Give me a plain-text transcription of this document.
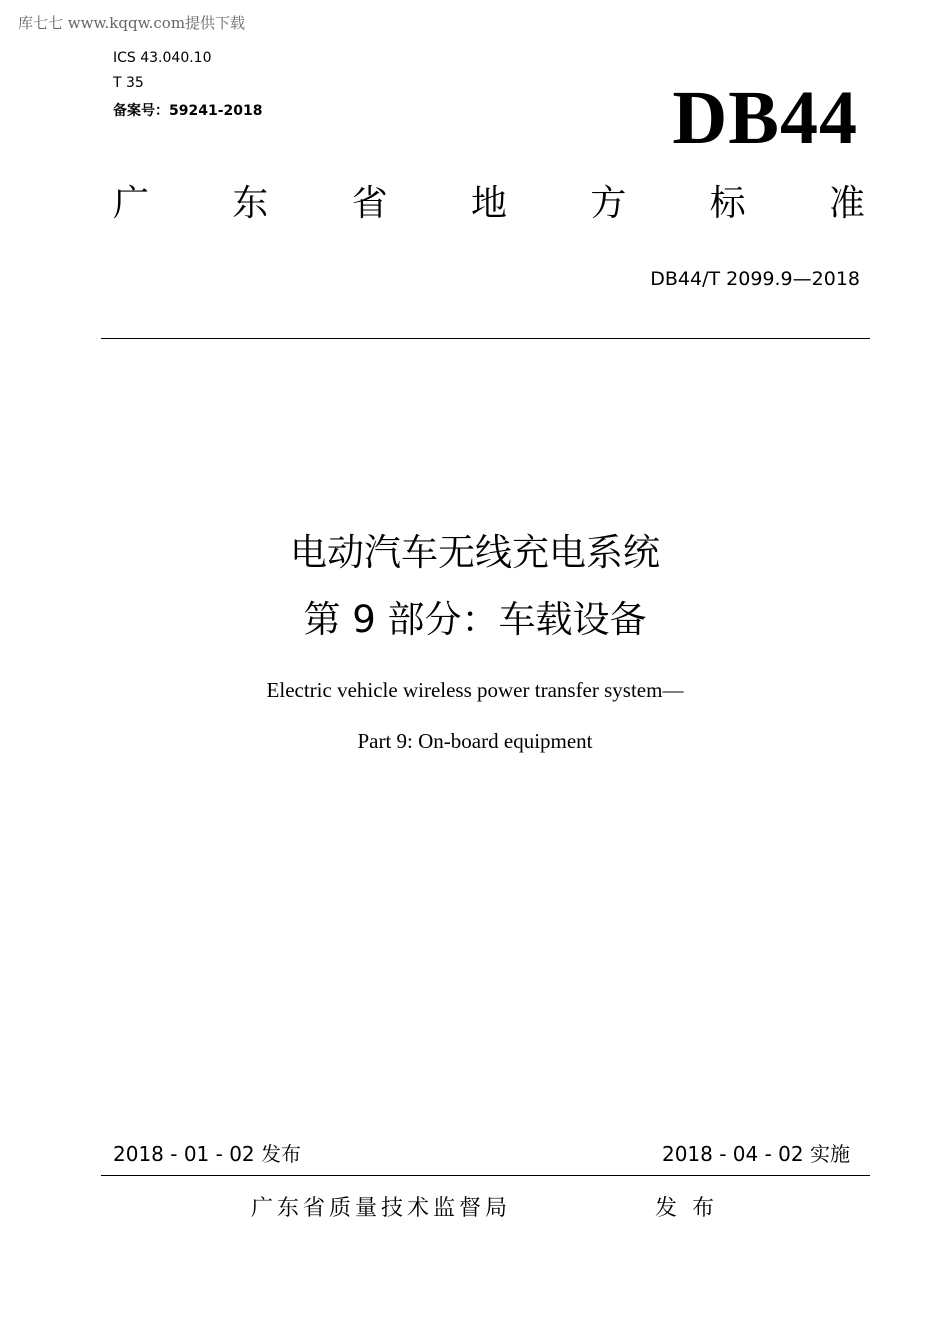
库七七 www.kqqw.com提供下载
ICS 43.040.10
T 35
备案号：59241-2018	DB44
广 东 省 地 方 标 准
DB44/T 2099.9—2018
电动汽车无线充电系统
第 9 部分：车载设备
Electric vehicle wireless power transfer system—
Part 9: On-board equipment
2018 - 01 - 02 发布	2018 - 04 - 02 实施
广东省质量技术监督局	发 布
